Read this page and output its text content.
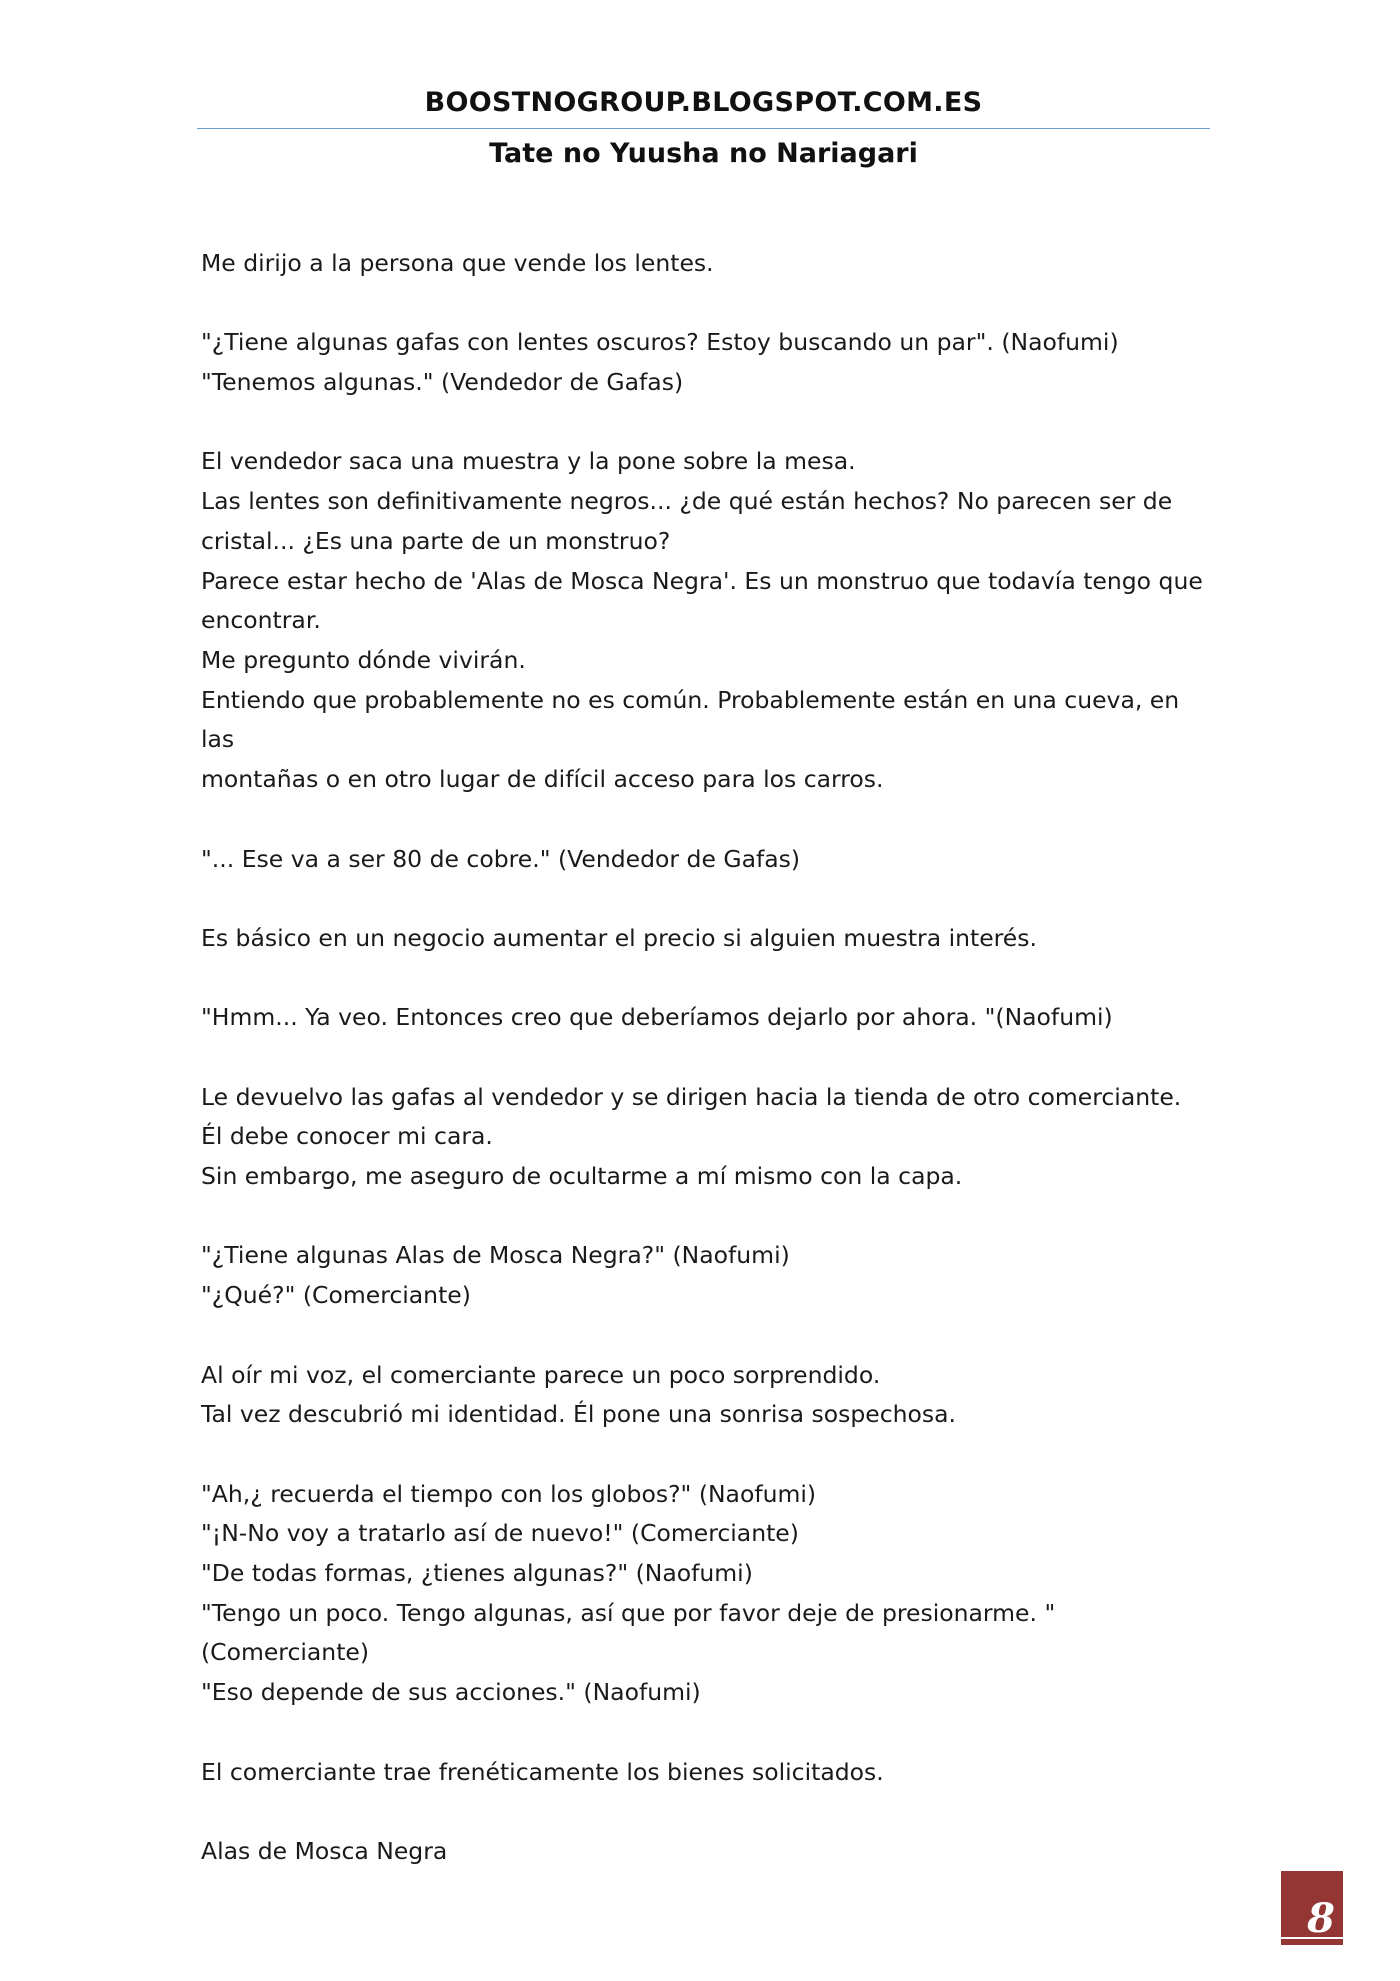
BOOSTNOGROUP.BLOGSPOT.COM.ES
Tate no Yuusha no Nariagari

Me dirijo a la persona que vende los lentes.

"¿Tiene algunas gafas con lentes oscuros? Estoy buscando un par". (Naofumi)

"Tenemos algunas." (Vendedor de Gafas)

El vendedor saca una muestra y la pone sobre la mesa.

Las lentes son definitivamente negros... ¿de qué están hechos? No parecen ser de

cristal... ¿Es una parte de un monstruo?

Parece estar hecho de 'Alas de Mosca Negra'. Es un monstruo que todavía tengo que

encontrar.

Me pregunto dónde vivirán.

Entiendo que probablemente no es común. Probablemente están en una cueva, en las

montañas o en otro lugar de difícil acceso para los carros.

"... Ese va a ser 80 de cobre." (Vendedor de Gafas)

Es básico en un negocio aumentar el precio si alguien muestra interés.

"Hmm... Ya veo. Entonces creo que deberíamos dejarlo por ahora. "(Naofumi)

Le devuelvo las gafas al vendedor y se dirigen hacia la tienda de otro comerciante.

Él debe conocer mi cara.

Sin embargo, me aseguro de ocultarme a mí mismo con la capa.

"¿Tiene algunas Alas de Mosca Negra?" (Naofumi)

"¿Qué?" (Comerciante)

Al oír mi voz, el comerciante parece un poco sorprendido.

Tal vez descubrió mi identidad. Él pone una sonrisa sospechosa.

"Ah,¿ recuerda el tiempo con los globos?" (Naofumi)

"¡N-No voy a tratarlo así de nuevo!" (Comerciante)

"De todas formas, ¿tienes algunas?" (Naofumi)

"Tengo un poco. Tengo algunas, así que por favor deje de presionarme. "(Comerciante)

"Eso depende de sus acciones." (Naofumi)

El comerciante trae frenéticamente los bienes solicitados.

Alas de Mosca Negra

8
